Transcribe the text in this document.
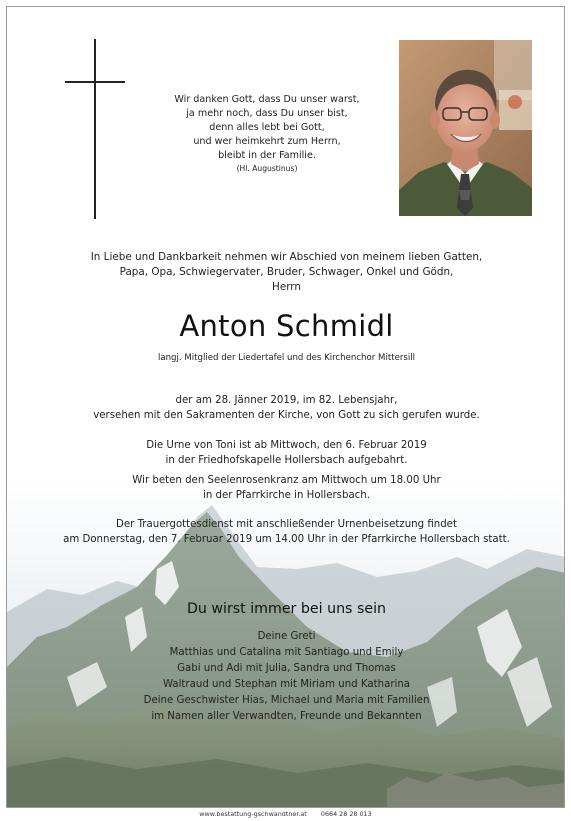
Wir danken Gott, dass Du unser warst,
ja mehr noch, dass Du unser bist,
denn alles lebt bei Gott,
und wer heimkehrt zum Herrn,
bleibt in der Familie.
(Hl. Augustinus)
In Liebe und Dankbarkeit nehmen wir Abschied von meinem lieben Gatten,
Papa, Opa, Schwiegervater, Bruder, Schwager, Onkel und Gödn,
Herrn
Anton Schmidl
langj. Mitglied der Liedertafel und des Kirchenchor Mittersill
der am 28. Jänner 2019, im 82. Lebensjahr,
versehen mit den Sakramenten der Kirche, von Gott zu sich gerufen wurde.
Die Urne von Toni ist ab Mittwoch, den 6. Februar 2019
in der Friedhofskapelle Hollersbach aufgebahrt.
Wir beten den Seelenrosenkranz am Mittwoch um 18.00 Uhr
in der Pfarrkirche in Hollersbach.
Der Trauergottesdienst mit anschließender Urnenbeisetzung findet
am Donnerstag, den 7. Februar 2019 um 14.00 Uhr in der Pfarrkirche Hollersbach statt.
Du wirst immer bei uns sein
Deine Greti
Matthias und Catalina mit Santiago und Emily
Gabi und Adi mit Julia, Sandra und Thomas
Waltraud und Stephan mit Miriam und Katharina
Deine Geschwister Hias, Michael und Maria mit Familien
im Namen aller Verwandten, Freunde und Bekannten
www.bestattung-gschwandtner.at 0664 28 28 013
